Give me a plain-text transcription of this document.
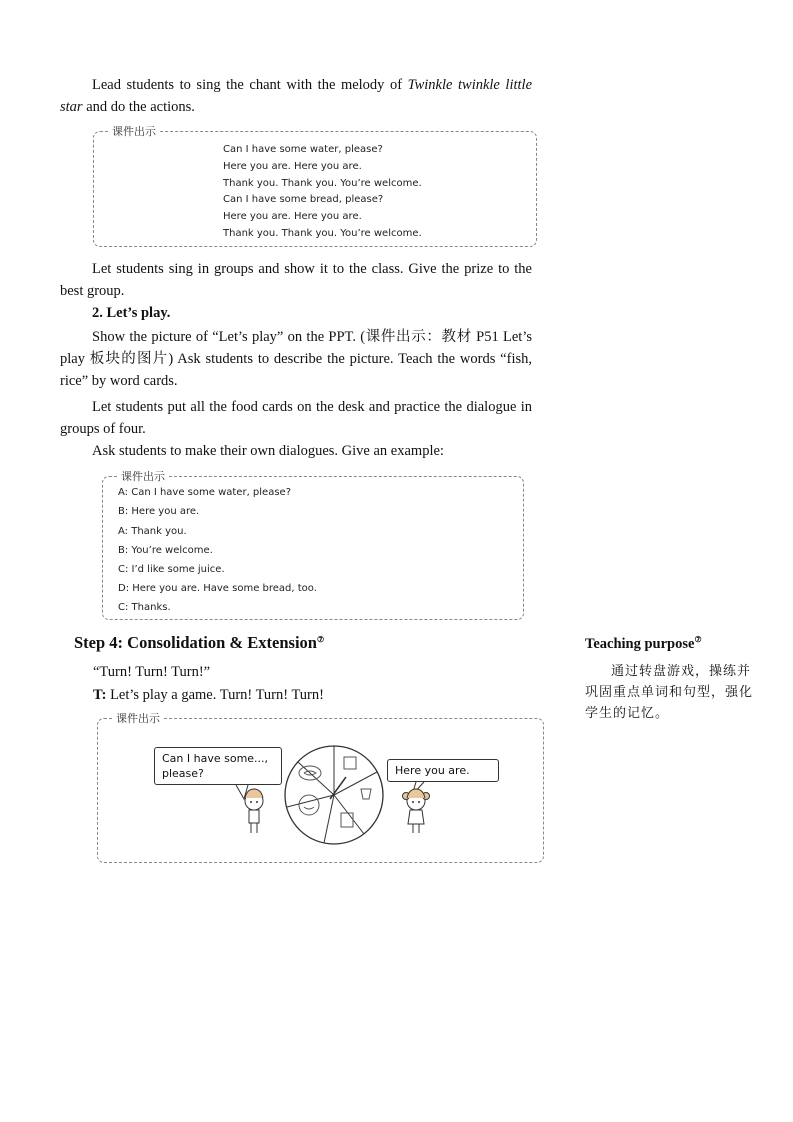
Lead students to sing the chant with the melody of Twinkle twinkle little star and do the actions.

课件出示
Can I have some water, please?
Here you are. Here you are.
Thank you. Thank you. You’re welcome.
Can I have some bread, please?
Here you are. Here you are.
Thank you. Thank you. You’re welcome.

Let students sing in groups and show it to the class. Give the prize to the best group.

2. Let’s play.

Show the picture of “Let’s play” on the PPT. (课件出示：教材 P51 Let’s play 板块的图片) Ask students to describe the picture. Teach the words “fish, rice” by word cards.

Let students put all the food cards on the desk and practice the dialogue in groups of four.

Ask students to make their own dialogues. Give an example:

课件出示
A: Can I have some water, please?
B: Here you are.
A: Thank you.
B: You’re welcome.
C: I’d like some juice.
D: Here you are. Have some bread, too.
C: Thanks.
Step 4: Consolidation & Extension⑦

“Turn! Turn! Turn!”

T: Let’s play a game. Turn! Turn! Turn!

课件出示
Can I have some..., please?	Here you are.

Teaching purpose⑦

通过转盘游戏，操练并巩固重点单词和句型，强化学生的记忆。
